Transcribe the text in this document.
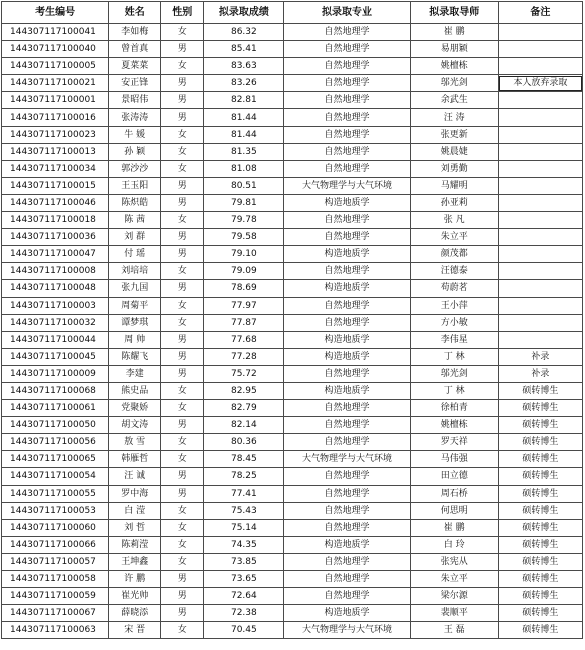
考生编号	姓名	性别	拟录取成绩	拟录取专业	拟录取导师	备注
144307117100041	李如梅	女	86.32	自然地理学	崔 鹏	
144307117100040	曾首真	男	85.41	自然地理学	易朋颖	
144307117100005	夏菜菜	女	83.63	自然地理学	姚檀栋	
144307117100021	安正锋	男	83.26	自然地理学	邬光剑	本人放弃录取
144307117100001	景昭伟	男	82.81	自然地理学	余武生	
144307117100016	张涛涛	男	81.44	自然地理学	汪 涛	
144307117100023	牛 媛	女	81.44	自然地理学	张更新	
144307117100013	孙 颖	女	81.35	自然地理学	姚晨婕	
144307117100034	郭沙沙	女	81.08	自然地理学	刘勇勤	
144307117100015	王玉阳	男	80.51	大气物理学与大气环境	马耀明	
144307117100046	陈炽皓	男	79.81	构造地质学	孙亚莉	
144307117100018	陈 茜	女	79.78	自然地理学	张 凡	
144307117100036	刘 群	男	79.58	自然地理学	朱立平	
144307117100047	付 瑶	男	79.10	构造地质学	颜茂都	
144307117100008	刘培培	女	79.09	自然地理学	汪德泰	
144307117100048	张九国	男	78.69	构造地质学	苟蔚茗	
144307117100003	周菊平	女	77.97	自然地理学	王小萍	
144307117100032	谭梦琪	女	77.87	自然地理学	方小敏	
144307117100044	周 帅	男	77.68	构造地质学	李伟星	
144307117100045	陈耀飞	男	77.28	构造地质学	丁 林	补录
144307117100009	李建	男	75.72	自然地理学	邬光剑	补录
144307117100068	熊史品	女	82.95	构造地质学	丁 林	硕转博生
144307117100061	党聚娇	女	82.79	自然地理学	徐柏青	硕转博生
144307117100050	胡文涛	男	82.14	自然地理学	姚檀栋	硕转博生
144307117100056	敖 雪	女	80.36	自然地理学	罗天祥	硕转博生
144307117100065	韩雁哲	女	78.45	大气物理学与大气环境	马伟强	硕转博生
144307117100054	汪 诚	男	78.25	自然地理学	田立德	硕转博生
144307117100055	罗中海	男	77.41	自然地理学	周石桥	硕转博生
144307117100053	白 滢	女	75.43	自然地理学	何思明	硕转博生
144307117100060	刘 哲	女	75.14	自然地理学	崔 鹏	硕转博生
144307117100066	陈莉滢	女	74.35	构造地质学	白 玲	硕转博生
144307117100057	王坤鑫	女	73.85	自然地理学	张宪从	硕转博生
144307117100058	许 鹏	男	73.65	自然地理学	朱立平	硕转博生
144307117100059	崔光帅	男	72.64	自然地理学	梁尔源	硕转博生
144307117100067	薛晓添	男	72.38	构造地质学	裴顺平	硕转博生
144307117100063	宋 晋	女	70.45	大气物理学与大气环境	王 磊	硕转博生
